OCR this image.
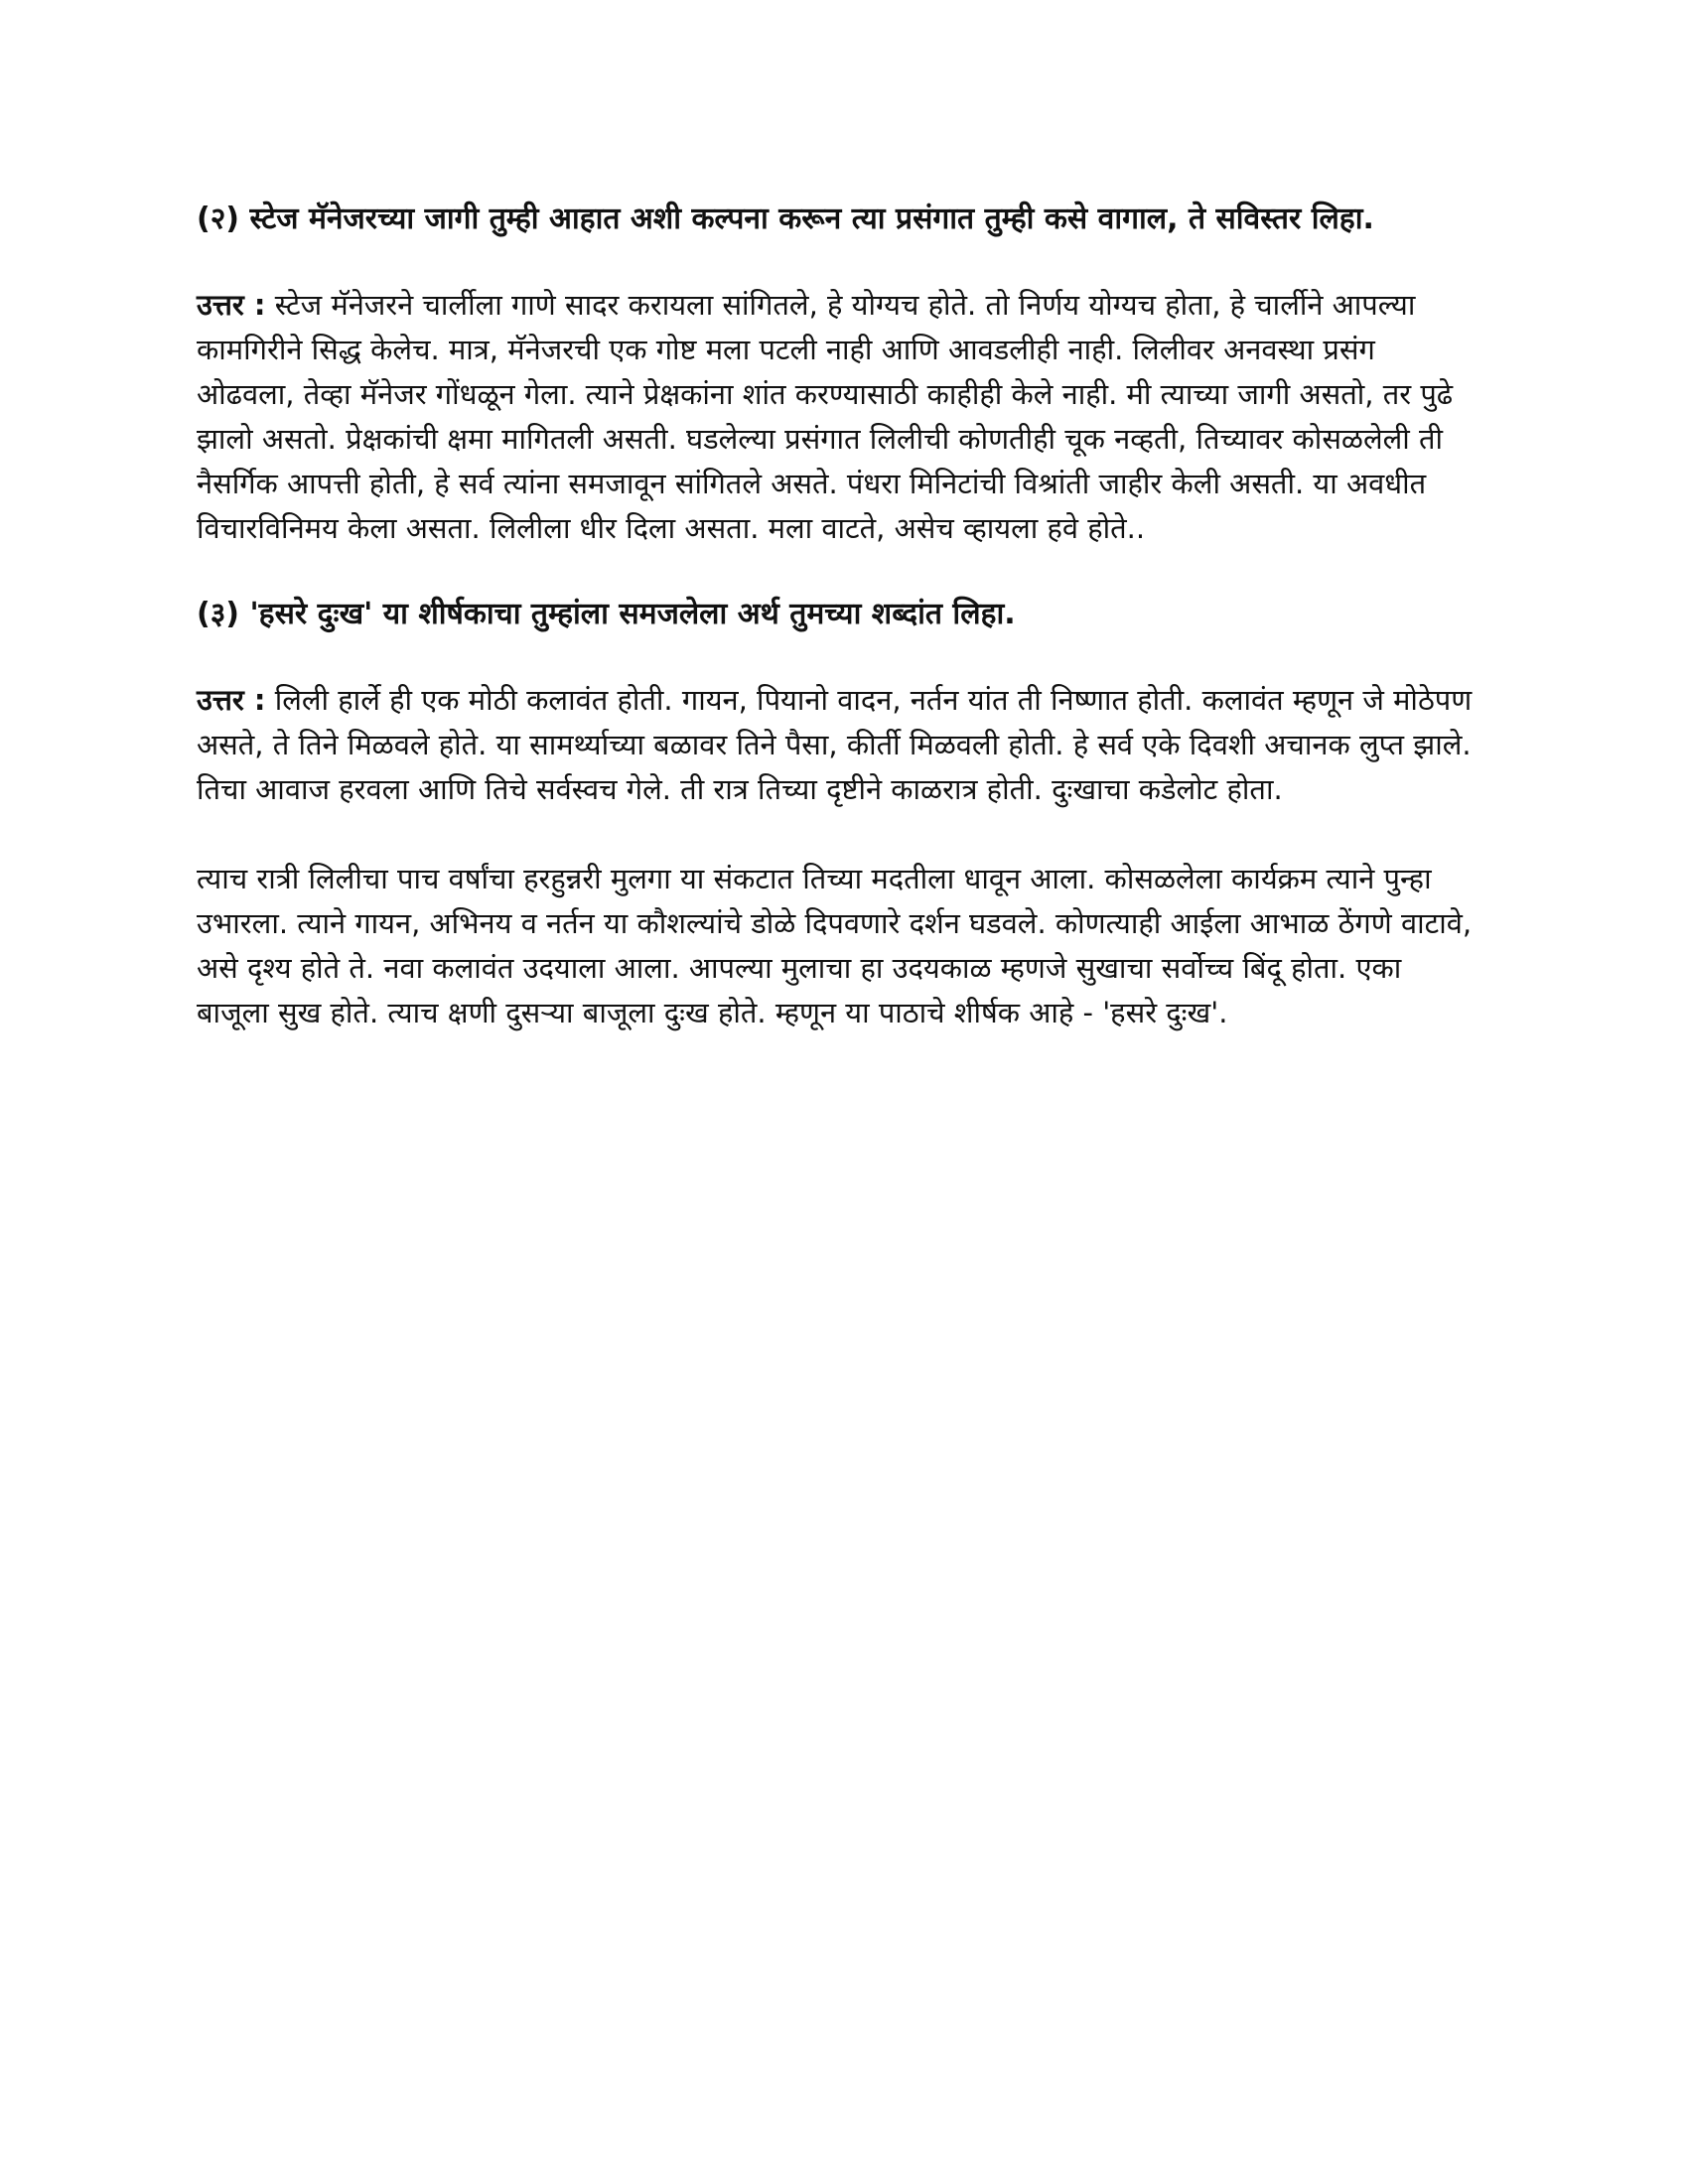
(२) स्टेज मॅनेजरच्या जागी तुम्ही आहात अशी कल्पना करून त्या प्रसंगात तुम्ही कसे वागाल, ते सविस्तर लिहा.

उत्तर : स्टेज मॅनेजरने चार्लीला गाणे सादर करायला सांगितले, हे योग्यच होते. तो निर्णय योग्यच होता, हे चार्लीने आपल्या कामगिरीने सिद्ध केलेच. मात्र, मॅनेजरची एक गोष्ट मला पटली नाही आणि आवडलीही नाही. लिलीवर अनवस्था प्रसंग ओढवला, तेव्हा मॅनेजर गोंधळून गेला. त्याने प्रेक्षकांना शांत करण्यासाठी काहीही केले नाही. मी त्याच्या जागी असतो, तर पुढे झालो असतो. प्रेक्षकांची क्षमा मागितली असती. घडलेल्या प्रसंगात लिलीची कोणतीही चूक नव्हती, तिच्यावर कोसळलेली ती नैसर्गिक आपत्ती होती, हे सर्व त्यांना समजावून सांगितले असते. पंधरा मिनिटांची विश्रांती जाहीर केली असती. या अवधीत विचारविनिमय केला असता. लिलीला धीर दिला असता. मला वाटते, असेच व्हायला हवे होते..

(३) 'हसरे दुःख' या शीर्षकाचा तुम्हांला समजलेला अर्थ तुमच्या शब्दांत लिहा.

उत्तर : लिली हार्ले ही एक मोठी कलावंत होती. गायन, पियानो वादन, नर्तन यांत ती निष्णात होती. कलावंत म्हणून जे मोठेपण असते, ते तिने मिळवले होते. या सामर्थ्याच्या बळावर तिने पैसा, कीर्ती मिळवली होती. हे सर्व एके दिवशी अचानक लुप्त झाले. तिचा आवाज हरवला आणि तिचे सर्वस्वच गेले. ती रात्र तिच्या दृष्टीने काळरात्र होती. दुःखाचा कडेलोट होता.

त्याच रात्री लिलीचा पाच वर्षांचा हरहुन्नरी मुलगा या संकटात तिच्या मदतीला धावून आला. कोसळलेला कार्यक्रम त्याने पुन्हा उभारला. त्याने गायन, अभिनय व नर्तन या कौशल्यांचे डोळे दिपवणारे दर्शन घडवले. कोणत्याही आईला आभाळ ठेंगणे वाटावे, असे दृश्य होते ते. नवा कलावंत उदयाला आला. आपल्या मुलाचा हा उदयकाळ म्हणजे सुखाचा सर्वोच्च बिंदू होता. एका बाजूला सुख होते. त्याच क्षणी दुसऱ्या बाजूला दुःख होते. म्हणून या पाठाचे शीर्षक आहे - 'हसरे दुःख'.
